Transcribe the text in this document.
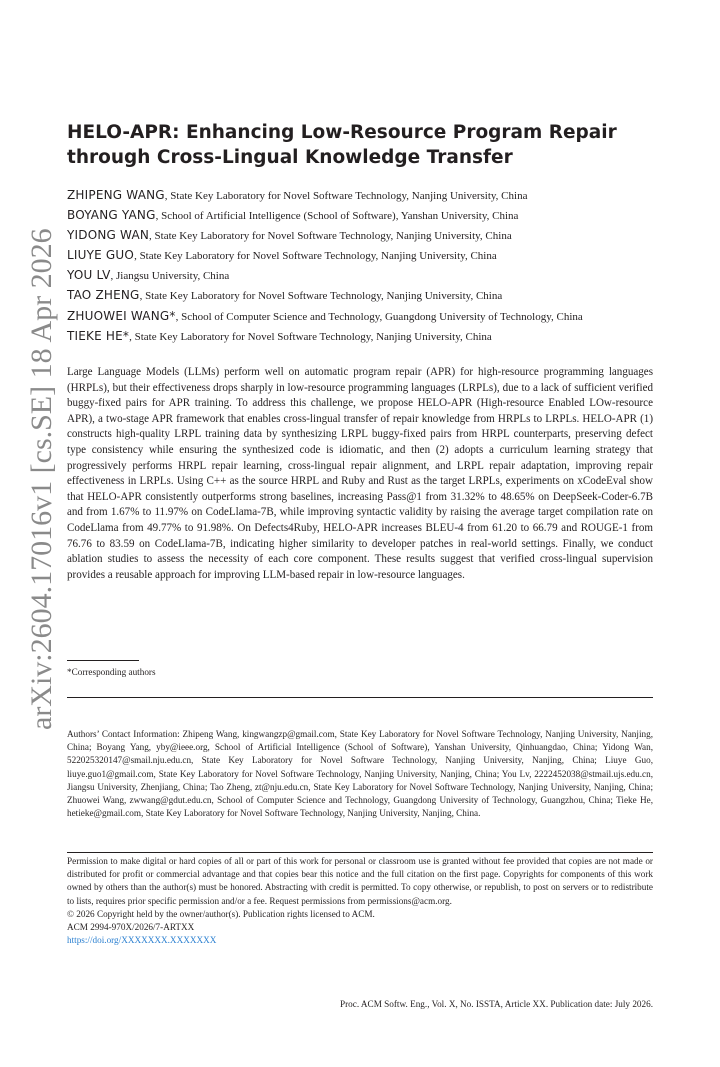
arXiv:2604.17016v1 [cs.SE] 18 Apr 2026
HELO-APR: Enhancing Low-Resource Program Repair through Cross-Lingual Knowledge Transfer

ZHIPENG WANG, State Key Laboratory for Novel Software Technology, Nanjing University, China

BOYANG YANG, School of Artificial Intelligence (School of Software), Yanshan University, China

YIDONG WAN, State Key Laboratory for Novel Software Technology, Nanjing University, China

LIUYE GUO, State Key Laboratory for Novel Software Technology, Nanjing University, China

YOU LV, Jiangsu University, China

TAO ZHENG, State Key Laboratory for Novel Software Technology, Nanjing University, China

ZHUOWEI WANG*, School of Computer Science and Technology, Guangdong University of Technology, China

TIEKE HE*, State Key Laboratory for Novel Software Technology, Nanjing University, China

Large Language Models (LLMs) perform well on automatic program repair (APR) for high-resource programming languages (HRPLs), but their effectiveness drops sharply in low-resource programming languages (LRPLs), due to a lack of sufficient verified buggy-fixed pairs for APR training. To address this challenge, we propose HELO-APR (High-resource Enabled LOw-resource APR), a two-stage APR framework that enables cross-lingual transfer of repair knowledge from HRPLs to LRPLs. HELO-APR (1) constructs high-quality LRPL training data by synthesizing LRPL buggy-fixed pairs from HRPL counterparts, preserving defect type consistency while ensuring the synthesized code is idiomatic, and then (2) adopts a curriculum learning strategy that progressively performs HRPL repair learning, cross-lingual repair alignment, and LRPL repair adaptation, improving repair effectiveness in LRPLs. Using C++ as the source HRPL and Ruby and Rust as the target LRPLs, experiments on xCodeEval show that HELO-APR consistently outperforms strong baselines, increasing Pass@1 from 31.32% to 48.65% on DeepSeek-Coder-6.7B and from 1.67% to 11.97% on CodeLlama-7B, while improving syntactic validity by raising the average target compilation rate on CodeLlama from 49.77% to 91.98%. On Defects4Ruby, HELO-APR increases BLEU-4 from 61.20 to 66.79 and ROUGE-1 from 76.76 to 83.59 on CodeLlama-7B, indicating higher similarity to developer patches in real-world settings. Finally, we conduct ablation studies to assess the necessity of each core component. These results suggest that verified cross-lingual supervision provides a reusable approach for improving LLM-based repair in low-resource languages.

*Corresponding authors

Authors’ Contact Information: Zhipeng Wang, kingwangzp@gmail.com, State Key Laboratory for Novel Software Technology, Nanjing University, Nanjing, China; Boyang Yang, yby@ieee.org, School of Artificial Intelligence (School of Software), Yanshan University, Qinhuangdao, China; Yidong Wan, 522025320147@smail.nju.edu.cn, State Key Laboratory for Novel Software Technology, Nanjing University, Nanjing, China; Liuye Guo, liuye.guo1@gmail.com, State Key Laboratory for Novel Software Technology, Nanjing University, Nanjing, China; You Lv, 2222452038@stmail.ujs.edu.cn, Jiangsu University, Zhenjiang, China; Tao Zheng, zt@nju.edu.cn, State Key Laboratory for Novel Software Technology, Nanjing University, Nanjing, China; Zhuowei Wang, zwwang@gdut.edu.cn, School of Computer Science and Technology, Guangdong University of Technology, Guangzhou, China; Tieke He, hetieke@gmail.com, State Key Laboratory for Novel Software Technology, Nanjing University, Nanjing, China.

Permission to make digital or hard copies of all or part of this work for personal or classroom use is granted without fee provided that copies are not made or distributed for profit or commercial advantage and that copies bear this notice and the full citation on the first page. Copyrights for components of this work owned by others than the author(s) must be honored. Abstracting with credit is permitted. To copy otherwise, or republish, to post on servers or to redistribute to lists, requires prior specific permission and/or a fee. Request permissions from permissions@acm.org.

© 2026 Copyright held by the owner/author(s). Publication rights licensed to ACM.

ACM 2994-970X/2026/7-ARTXX

https://doi.org/XXXXXXX.XXXXXXX

Proc. ACM Softw. Eng., Vol. X, No. ISSTA, Article XX. Publication date: July 2026.
